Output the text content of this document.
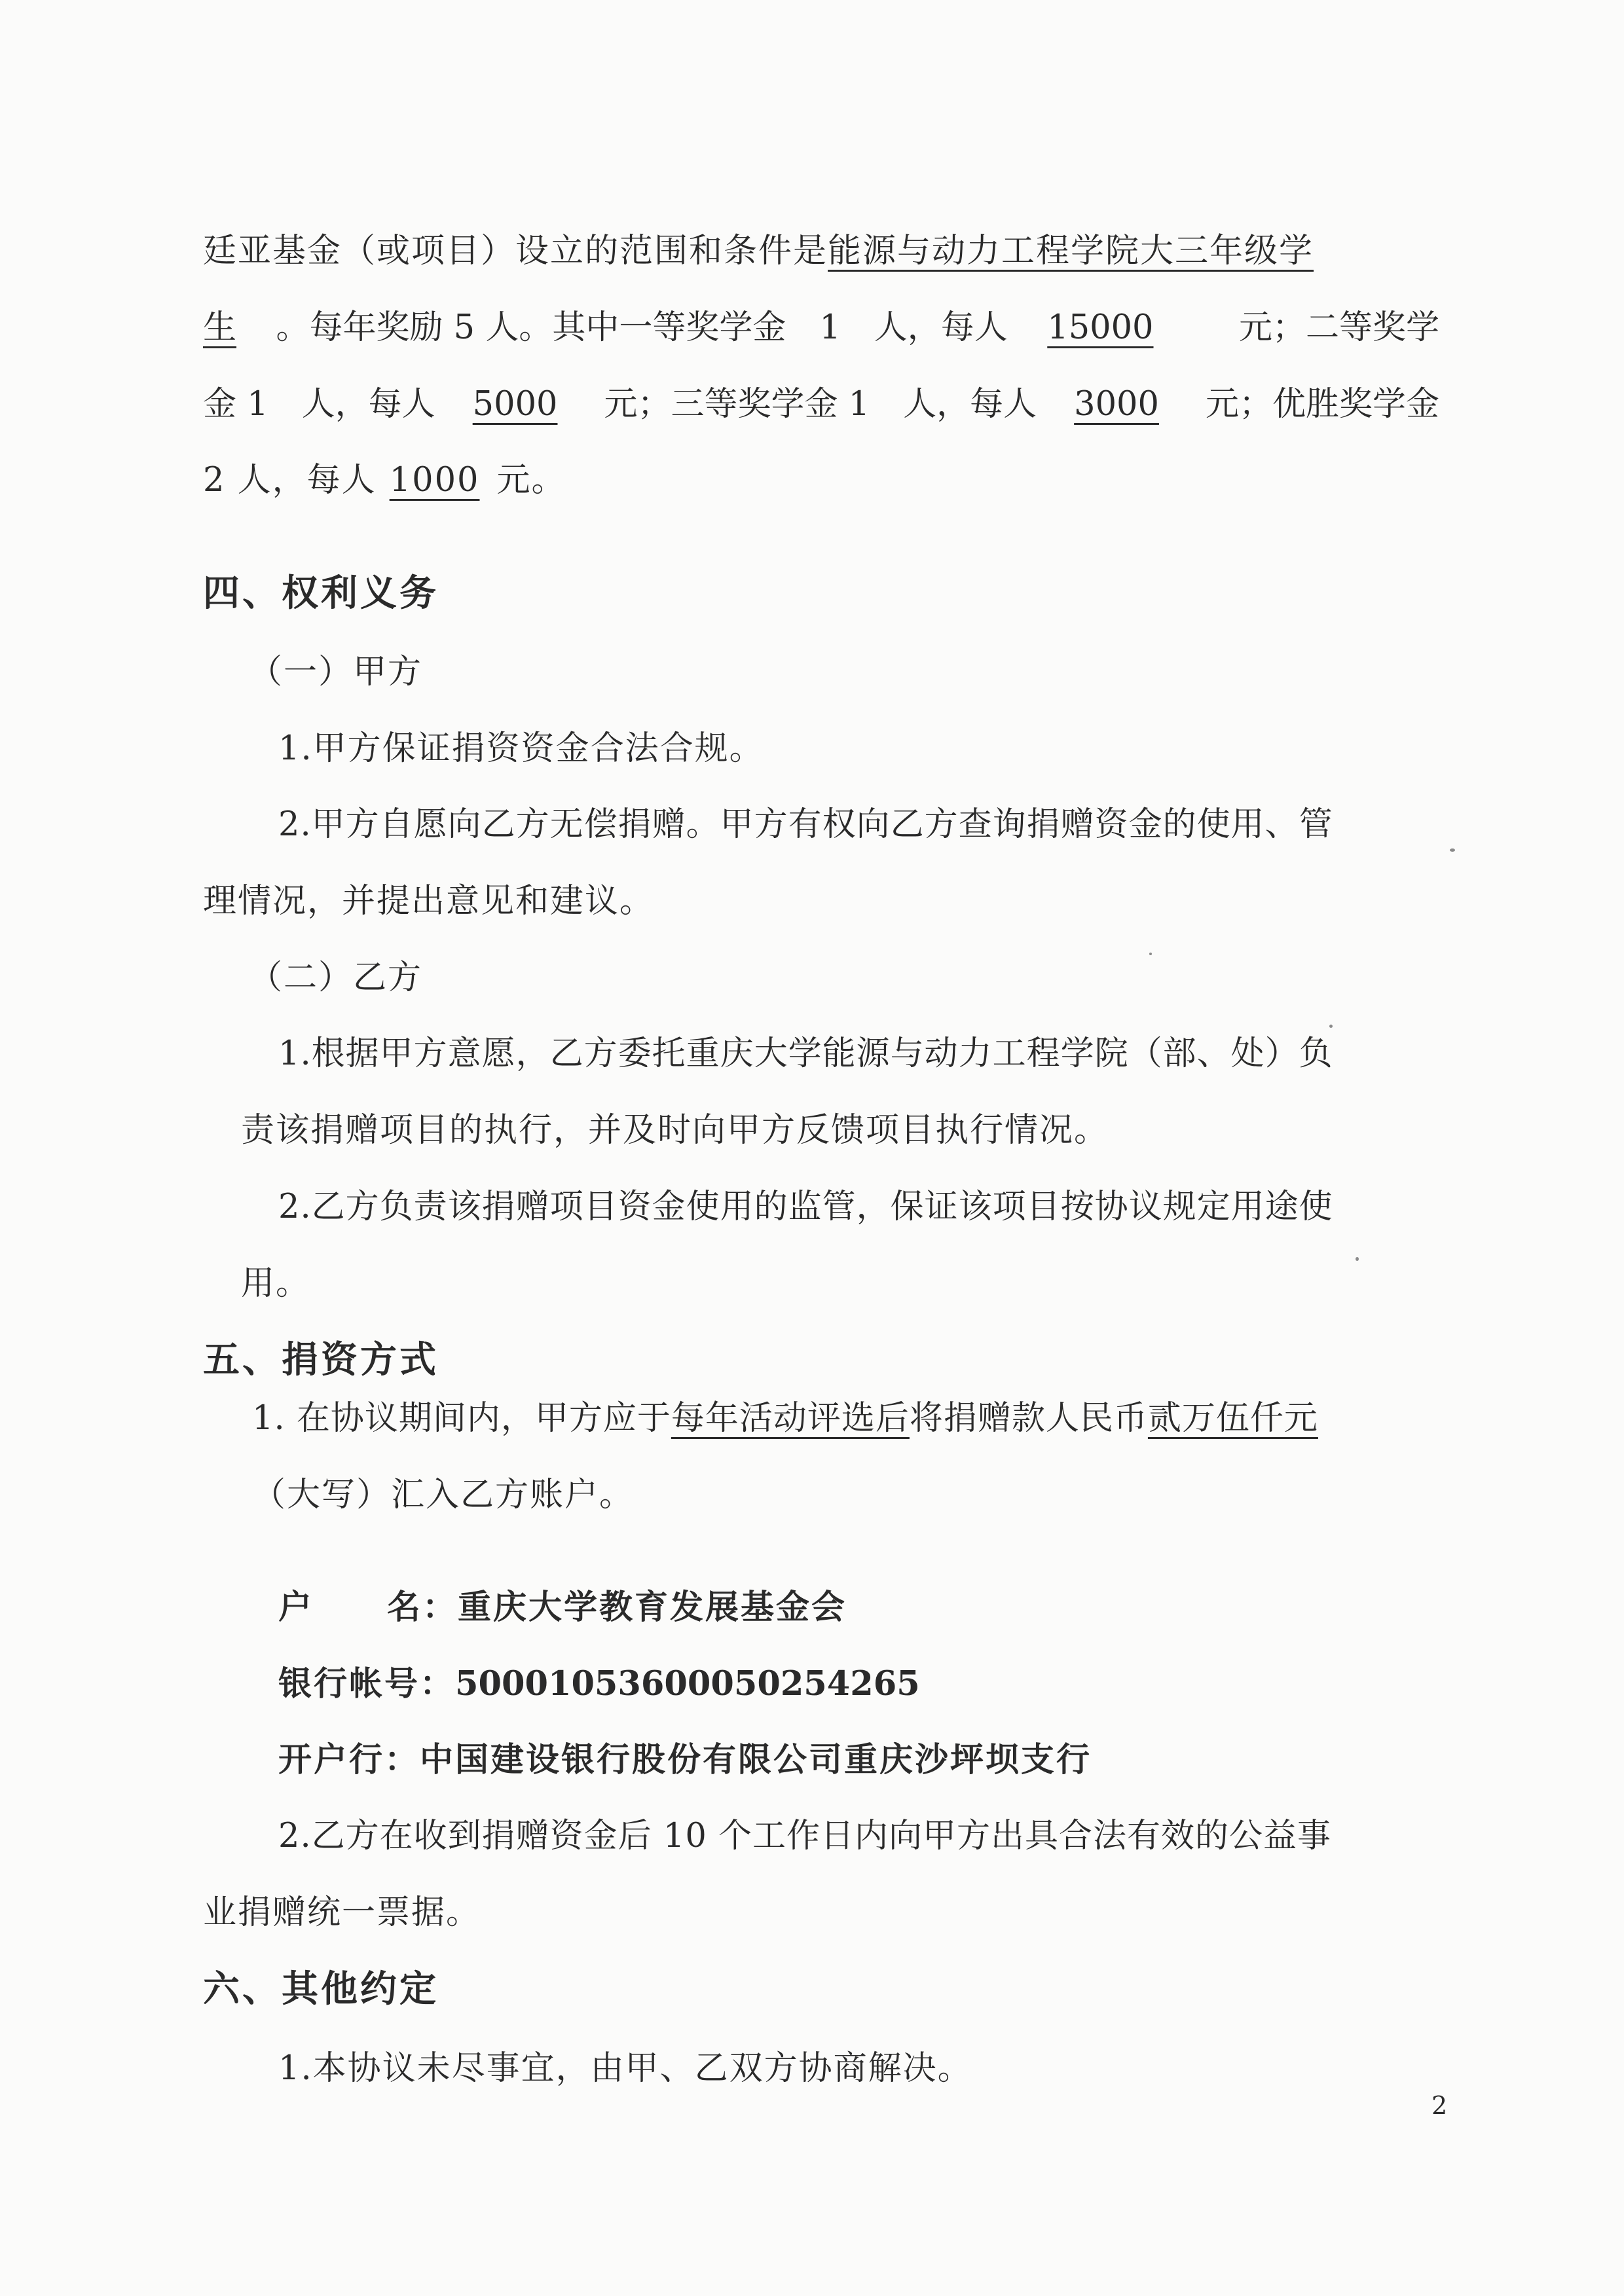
廷亚基金（或项目）设立的范围和条件是能源与动力工程学院大三年级学
生 。每年奖励 5 人。其中一等奖学金　1　人，每人 15000	元；二等奖学
金 1　人，每人 5000 元；三等奖学金 1　人，每人 3000 元；优胜奖学金
2 人，每人 1000 元。
四、权利义务
（一）甲方
1.甲方保证捐资资金合法合规。
2.甲方自愿向乙方无偿捐赠。甲方有权向乙方查询捐赠资金的使用、管
理情况，并提出意见和建议。
（二）乙方
1.根据甲方意愿，乙方委托重庆大学能源与动力工程学院（部、处）负
责该捐赠项目的执行，并及时向甲方反馈项目执行情况。
2.乙方负责该捐赠项目资金使用的监管，保证该项目按协议规定用途使
用。
五、捐资方式
1. 在协议期间内，甲方应于每年活动评选后将捐赠款人民币贰万伍仟元
（大写）汇入乙方账户。
户 名：重庆大学教育发展基金会
银行帐号：50001053600050254265
开户行：中国建设银行股份有限公司重庆沙坪坝支行
2.乙方在收到捐赠资金后 10 个工作日内向甲方出具合法有效的公益事
业捐赠统一票据。
六、其他约定
1.本协议未尽事宜，由甲、乙双方协商解决。
2
